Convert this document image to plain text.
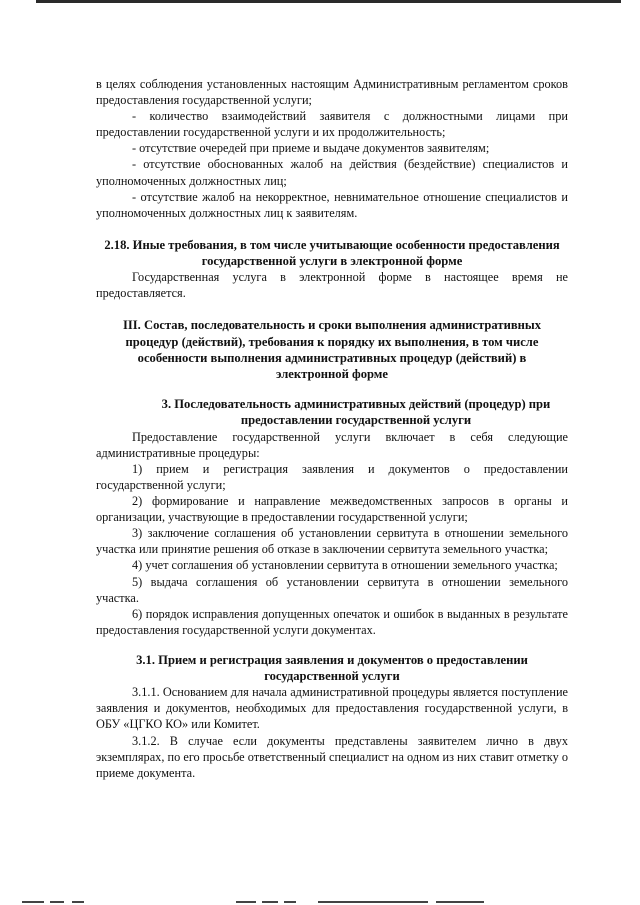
в целях соблюдения установленных настоящим Административным регламентом сроков предоставления государственной услуги;

- количество взаимодействий заявителя с должностными лицами при предоставлении государственной услуги и их продолжительность;

- отсутствие очередей при приеме и выдаче документов заявителям;

- отсутствие обоснованных жалоб на действия (бездействие) специалистов и уполномоченных должностных лиц;

- отсутствие жалоб на некорректное, невнимательное отношение специалистов и уполномоченных должностных лиц к заявителям.

2.18. Иные требования, в том числе учитывающие особенности предоставления государственной услуги в электронной форме

Государственная услуга в электронной форме в настоящее время не предоставляется.

III. Состав, последовательность и сроки выполнения административных процедур (действий), требования к порядку их выполнения, в том числе особенности выполнения административных процедур (действий) в электронной форме

3. Последовательность административных действий (процедур) при предоставлении государственной услуги

Предоставление государственной услуги включает в себя следующие административные процедуры:

1) прием и регистрация заявления и документов о предоставлении государственной услуги;

2) формирование и направление межведомственных запросов в органы и организации, участвующие в предоставлении государственной услуги;

3) заключение соглашения об установлении сервитута в отношении земельного участка или принятие решения об отказе в заключении сервитута земельного участка;

4) учет соглашения об установлении сервитута в отношении земельного участка;

5) выдача соглашения об установлении сервитута в отношении земельного участка.

6) порядок исправления допущенных опечаток и ошибок в выданных в результате предоставления государственной услуги документах.

3.1. Прием и регистрация заявления и документов о предоставлении государственной услуги

3.1.1. Основанием для начала административной процедуры является поступление заявления и документов, необходимых для предоставления государственной услуги, в ОБУ «ЦГКО КО» или Комитет.

3.1.2. В случае если документы представлены заявителем лично в двух экземплярах, по его просьбе ответственный специалист на одном из них ставит отметку о приеме документа.
